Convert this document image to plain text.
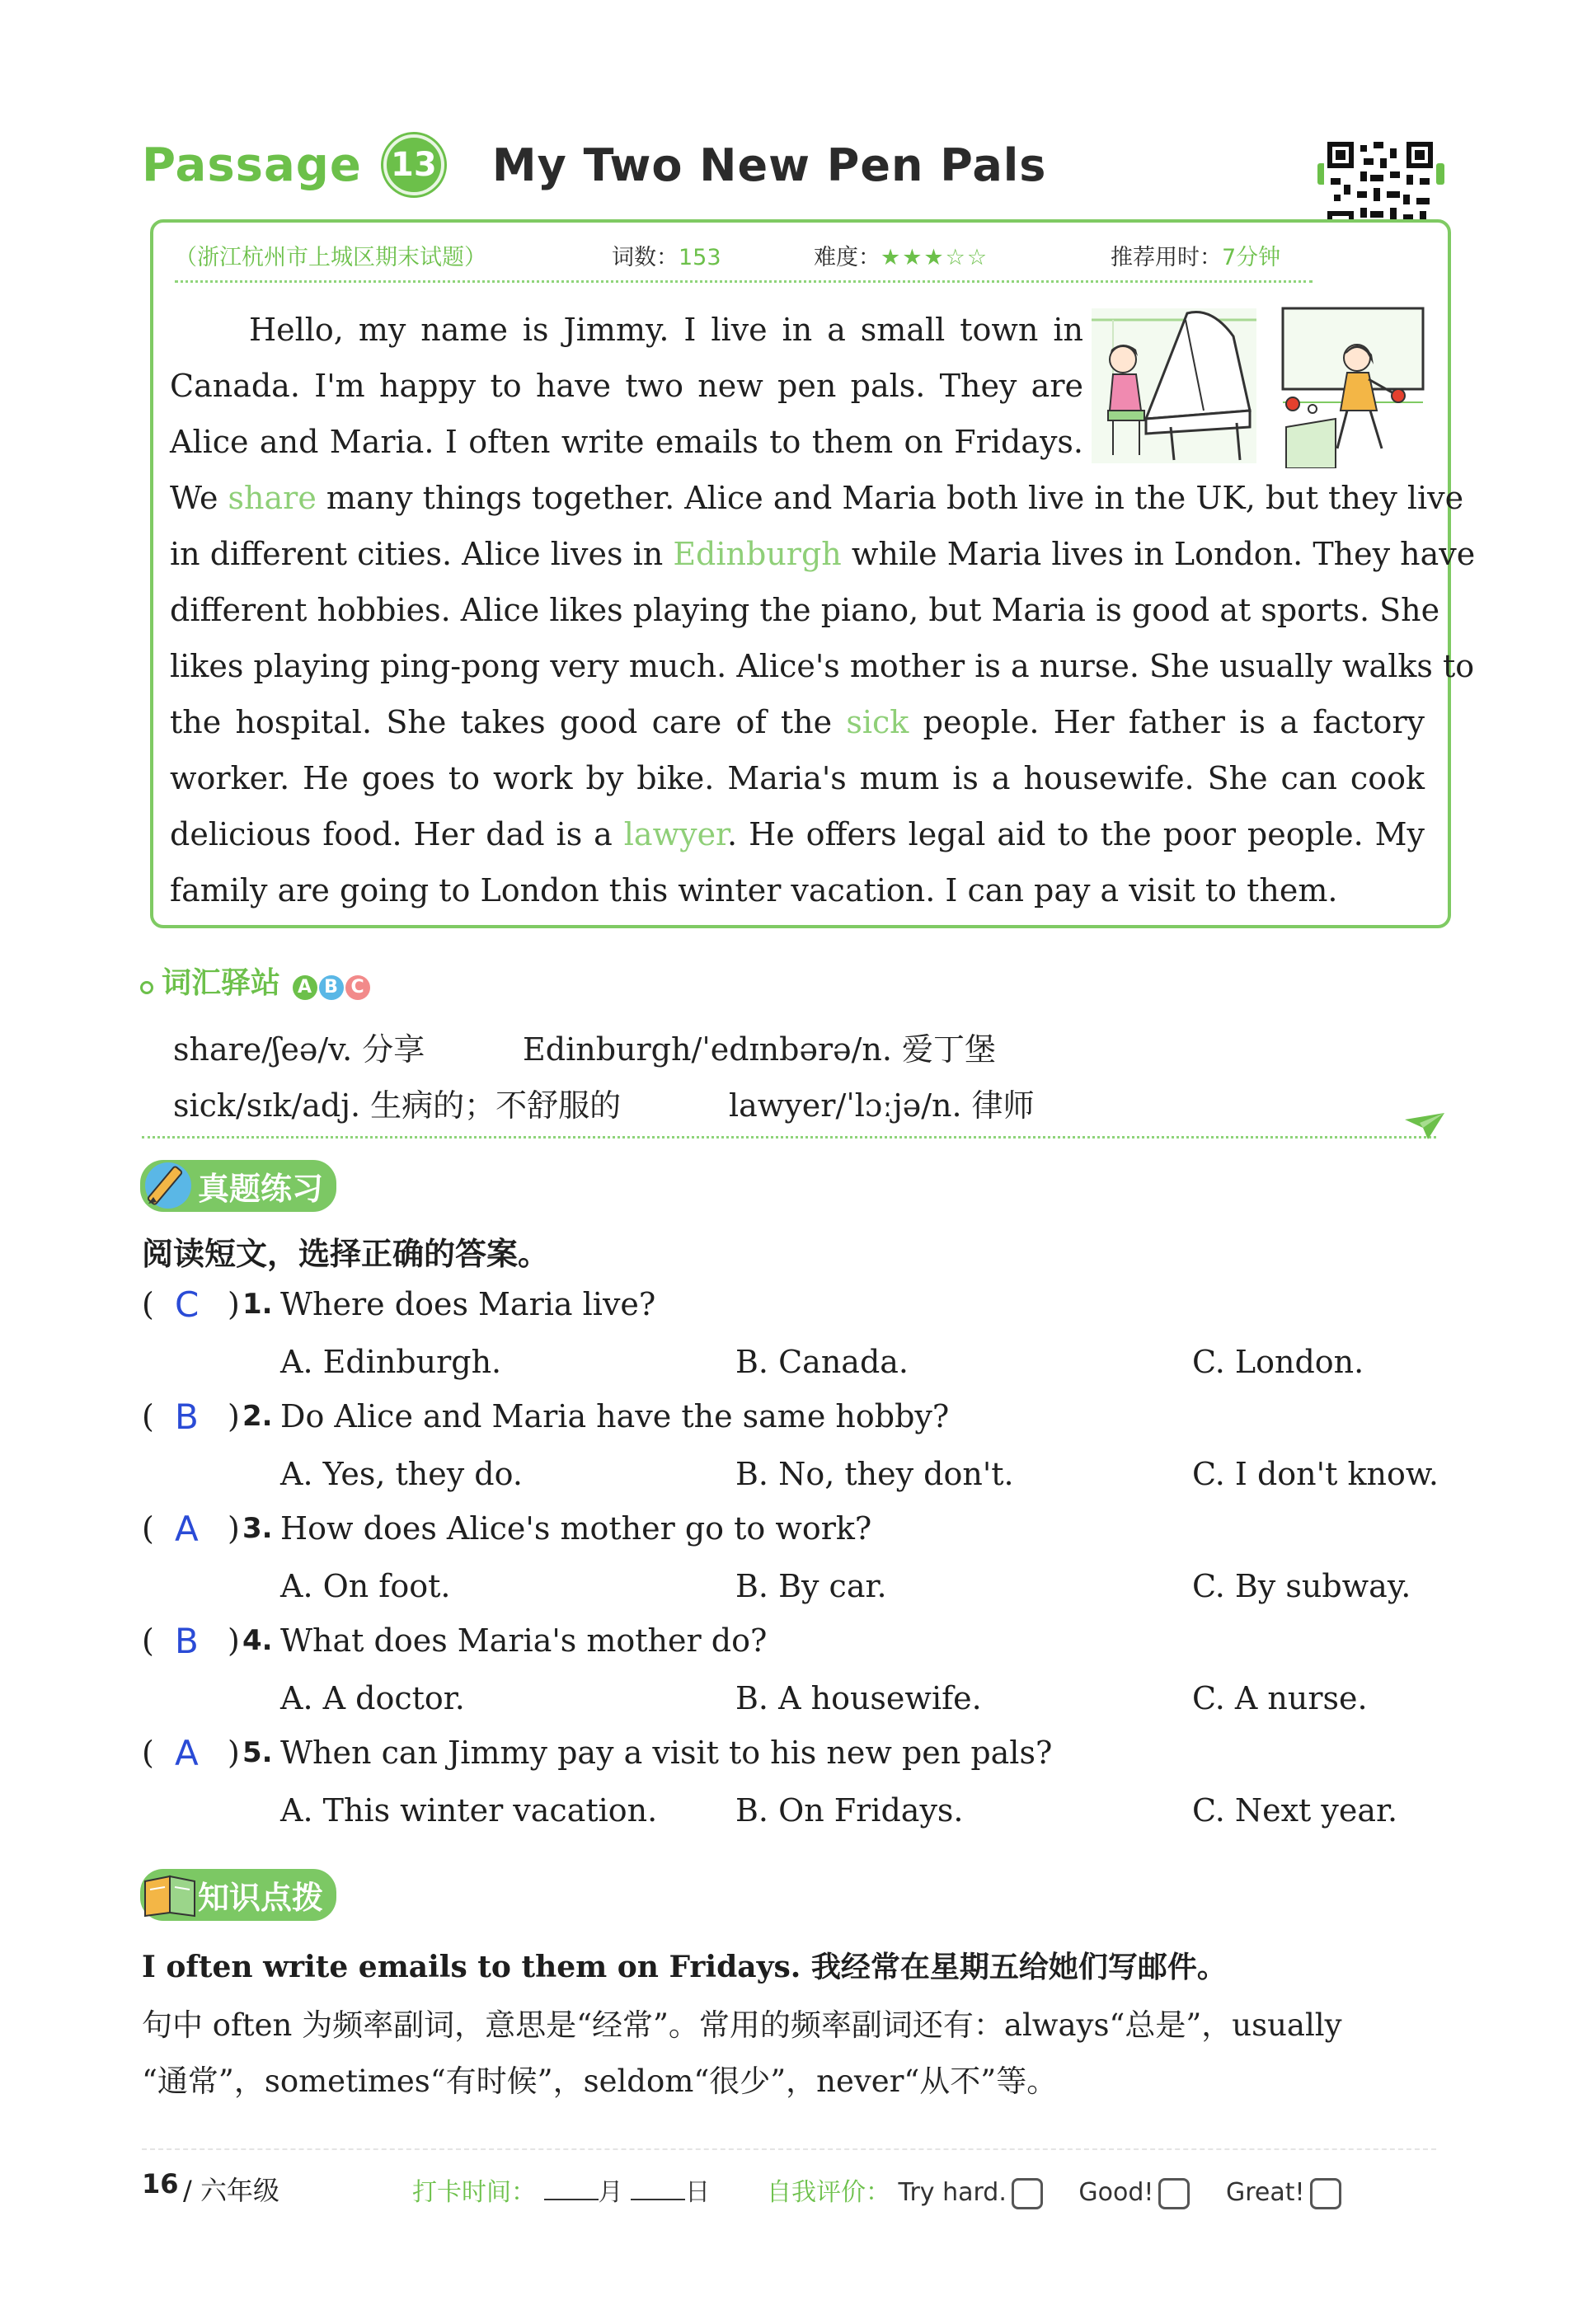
Passage 13 My Two New Pen Pals
（浙江杭州市上城区期末试题）	词数：153	难度：★★★☆☆	推荐用时：7分钟
Hello, my name is Jimmy. I live in a small town in
Canada. I'm happy to have two new pen pals. They are
Alice and Maria. I often write emails to them on Fridays.
We share many things together. Alice and Maria both live in the UK, but they live
in different cities. Alice lives in Edinburgh while Maria lives in London. They have
different hobbies. Alice likes playing the piano, but Maria is good at sports. She
likes playing ping-pong very much. Alice's mother is a nurse. She usually walks to
the hospital. She takes good care of the sick people. Her father is a factory
worker. He goes to work by bike. Maria's mum is a housewife. She can cook
delicious food. Her dad is a lawyer. He offers legal aid to the poor people. My
family are going to London this winter vacation. I can pay a visit to them.
词汇驿站 A B C
share/ʃeə/v. 分享	Edinburgh/ˈedɪnbərə/n. 爱丁堡
sick/sɪk/adj. 生病的；不舒服的	lawyer/ˈlɔːjə/n. 律师
真题练习
阅读短文，选择正确的答案。
( C ) 1. Where does Maria live?
A. Edinburgh.	B. Canada.	C. London.
( B ) 2. Do Alice and Maria have the same hobby?
A. Yes, they do.	B. No, they don't.	C. I don't know.
( A ) 3. How does Alice's mother go to work?
A. On foot.	B. By car.	C. By subway.
( B ) 4. What does Maria's mother do?
A. A doctor.	B. A housewife.	C. A nurse.
( A ) 5. When can Jimmy pay a visit to his new pen pals?
A. This winter vacation. B. On Fridays.	C. Next year.
知识点拨
I often write emails to them on Fridays. 我经常在星期五给她们写邮件。
句中 often 为频率副词，意思是“经常”。常用的频率副词还有：always“总是”，usually
“通常”，sometimes“有时候”，seldom“很少”，never“从不”等。
16 / 六年级	打卡时间：	月	日 自我评价： Try hard.	Good!	Great!
